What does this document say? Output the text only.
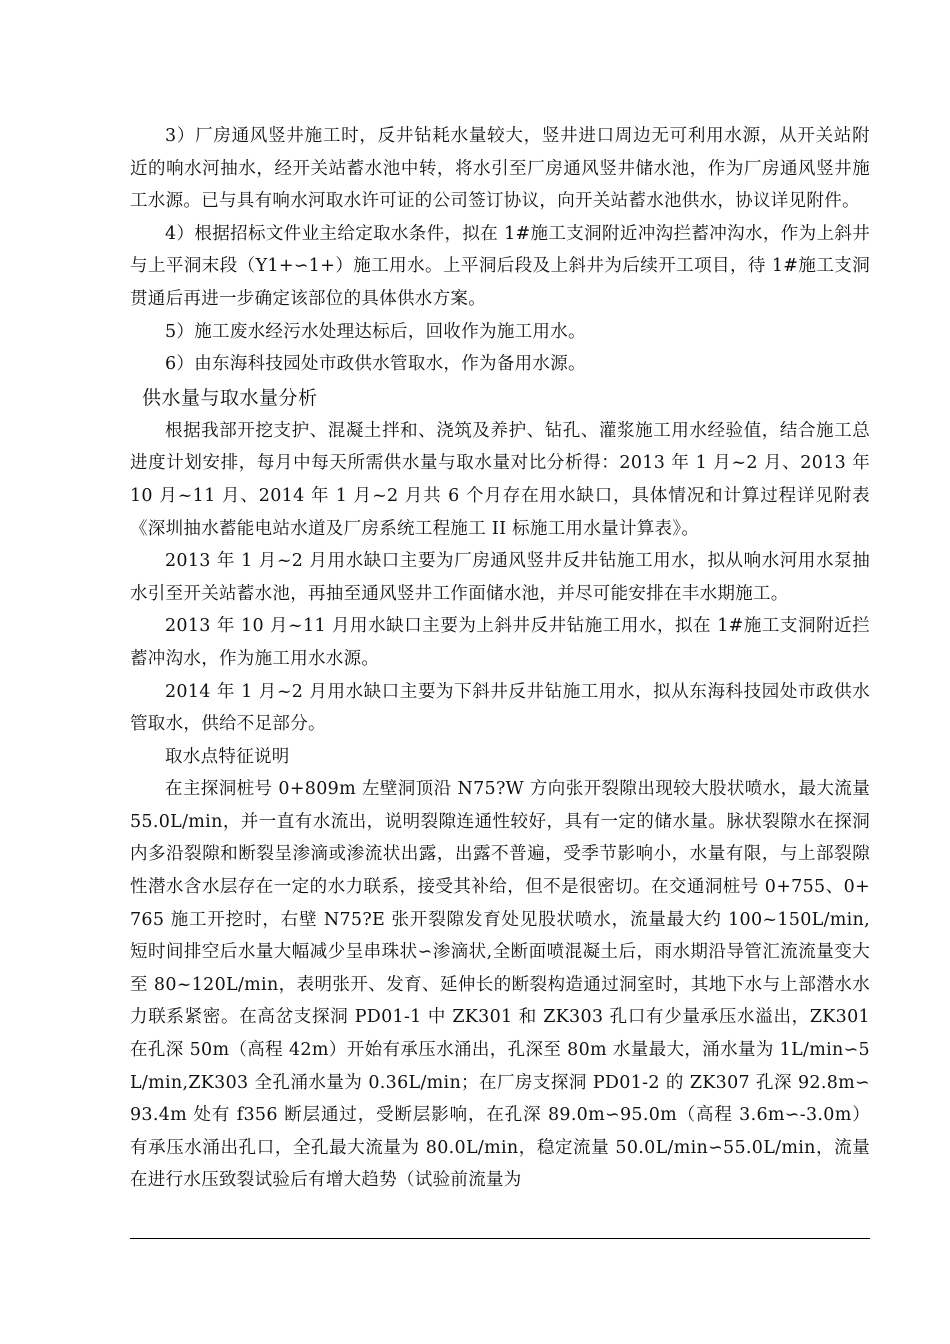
3）厂房通风竖井施工时，反井钻耗水量较大，竖井进口周边无可利用水源，从开关站附近的响水河抽水，经开关站蓄水池中转，将水引至厂房通风竖井储水池，作为厂房通风竖井施工水源。已与具有响水河取水许可证的公司签订协议，向开关站蓄水池供水，协议详见附件。

4）根据招标文件业主给定取水条件，拟在 1#施工支洞附近冲沟拦蓄冲沟水，作为上斜井与上平洞末段（Y1+∽1+）施工用水。上平洞后段及上斜井为后续开工项目，待 1#施工支洞贯通后再进一步确定该部位的具体供水方案。

5）施工废水经污水处理达标后，回收作为施工用水。

6）由东海科技园处市政供水管取水，作为备用水源。

供水量与取水量分析

根据我部开挖支护、混凝土拌和、浇筑及养护、钻孔、灌浆施工用水经验值，结合施工总进度计划安排，每月中每天所需供水量与取水量对比分析得：2013 年 1 月~2 月、2013 年 10 月~11 月、2014 年 1 月~2 月共 6 个月存在用水缺口，具体情况和计算过程详见附表《深圳抽水蓄能电站水道及厂房系统工程施工 II 标施工用水量计算表》。

2013 年 1 月~2 月用水缺口主要为厂房通风竖井反井钻施工用水，拟从响水河用水泵抽水引至开关站蓄水池，再抽至通风竖井工作面储水池，并尽可能安排在丰水期施工。

2013 年 10 月~11 月用水缺口主要为上斜井反井钻施工用水，拟在 1#施工支洞附近拦蓄冲沟水，作为施工用水水源。

2014 年 1 月~2 月用水缺口主要为下斜井反井钻施工用水，拟从东海科技园处市政供水管取水，供给不足部分。

取水点特征说明

在主探洞桩号 0+809m 左壁洞顶沿 N75?W 方向张开裂隙出现较大股状喷水，最大流量 55.0L/min，并一直有水流出，说明裂隙连通性较好，具有一定的储水量。脉状裂隙水在探洞内多沿裂隙和断裂呈渗滴或渗流状出露，出露不普遍，受季节影响小，水量有限，与上部裂隙性潜水含水层存在一定的水力联系，接受其补给，但不是很密切。在交通洞桩号 0+755、0+765 施工开挖时，右壁 N75?E 张开裂隙发育处见股状喷水，流量最大约 100~150L/min,短时间排空后水量大幅减少呈串珠状∽渗滴状,全断面喷混凝土后，雨水期沿导管汇流流量变大至 80~120L/min，表明张开、发育、延伸长的断裂构造通过洞室时，其地下水与上部潜水水力联系紧密。在高岔支探洞 PD01-1 中 ZK301 和 ZK303 孔口有少量承压水溢出，ZK301 在孔深 50m（高程 42m）开始有承压水涌出，孔深至 80m 水量最大，涌水量为 1L/min∽5L/min,ZK303 全孔涌水量为 0.36L/min；在厂房支探洞 PD01-2 的 ZK307 孔深 92.8m∽93.4m 处有 f356 断层通过，受断层影响，在孔深 89.0m∽95.0m（高程 3.6m∽-3.0m）有承压水涌出孔口，全孔最大流量为 80.0L/min，稳定流量 50.0L/min∽55.0L/min，流量在进行水压致裂试验后有增大趋势（试验前流量为
